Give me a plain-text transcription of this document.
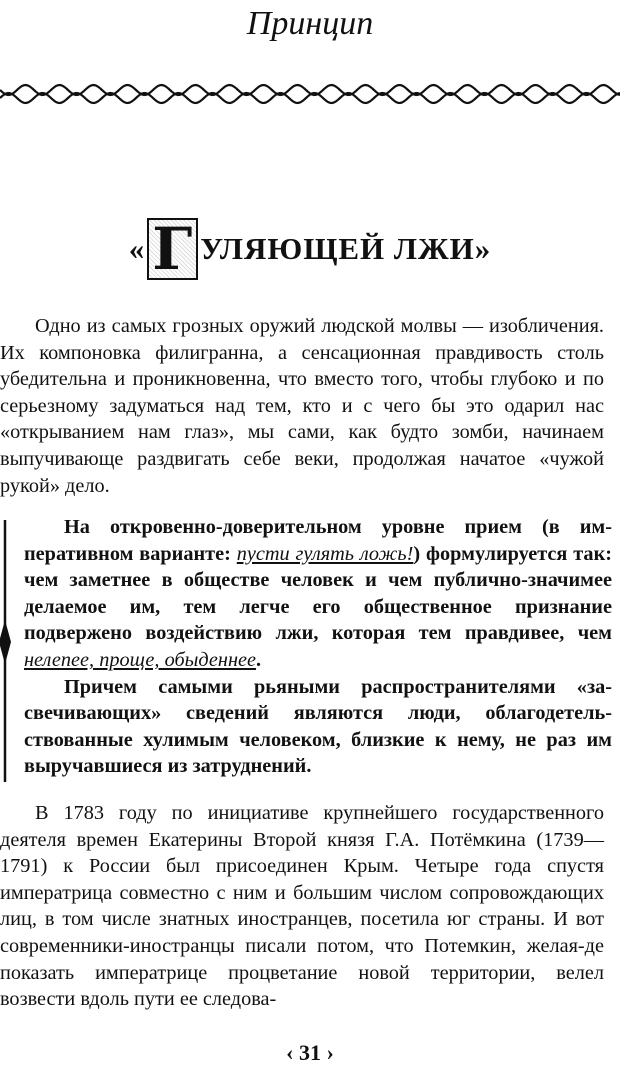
Принцип
« Г УЛЯЮЩЕЙ ЛЖИ»

Одно из самых грозных оружий людской молвы — изобличения. Их компоновка филигранна, а сенсационная правдивость столь убедительна и проникновенна, что вместо того, чтобы глубоко и по серьезному задуматься над тем, кто и с чего бы это одарил нас «открыванием нам глаз», мы сами, как будто зомби, начинаем выпучивающе раздвигать себе веки, продолжая начатое «чужой рукой» дело.

На откровенно-доверительном уровне прием (в императивном варианте: пусти гулять ложь!) формулируется так: чем заметнее в обществе человек и чем публично-значимее делаемое им, тем легче его общественное признание подвержено воздействию лжи, которая тем правдивее, чем нелепее, проще, обыденнее.

Причем самыми рьяными распространителями «засвечивающих» сведений являются люди, облагодетельствованные хулимым человеком, близкие к нему, не раз им выручавшиеся из затруднений.

В 1783 году по инициативе крупнейшего государственного деятеля времен Екатерины Второй князя Г.А. Потёмкина (1739—1791) к России был присоединен Крым. Четыре года спустя императрица совместно с ним и большим числом сопровождающих лиц, в том числе знатных иностранцев, посетила юг страны. И вот современники-иностранцы писали потом, что Потемкин, желая-де показать императрице процветание новой территории, велел возвести вдоль пути ее следова-

‹ 31 ›
